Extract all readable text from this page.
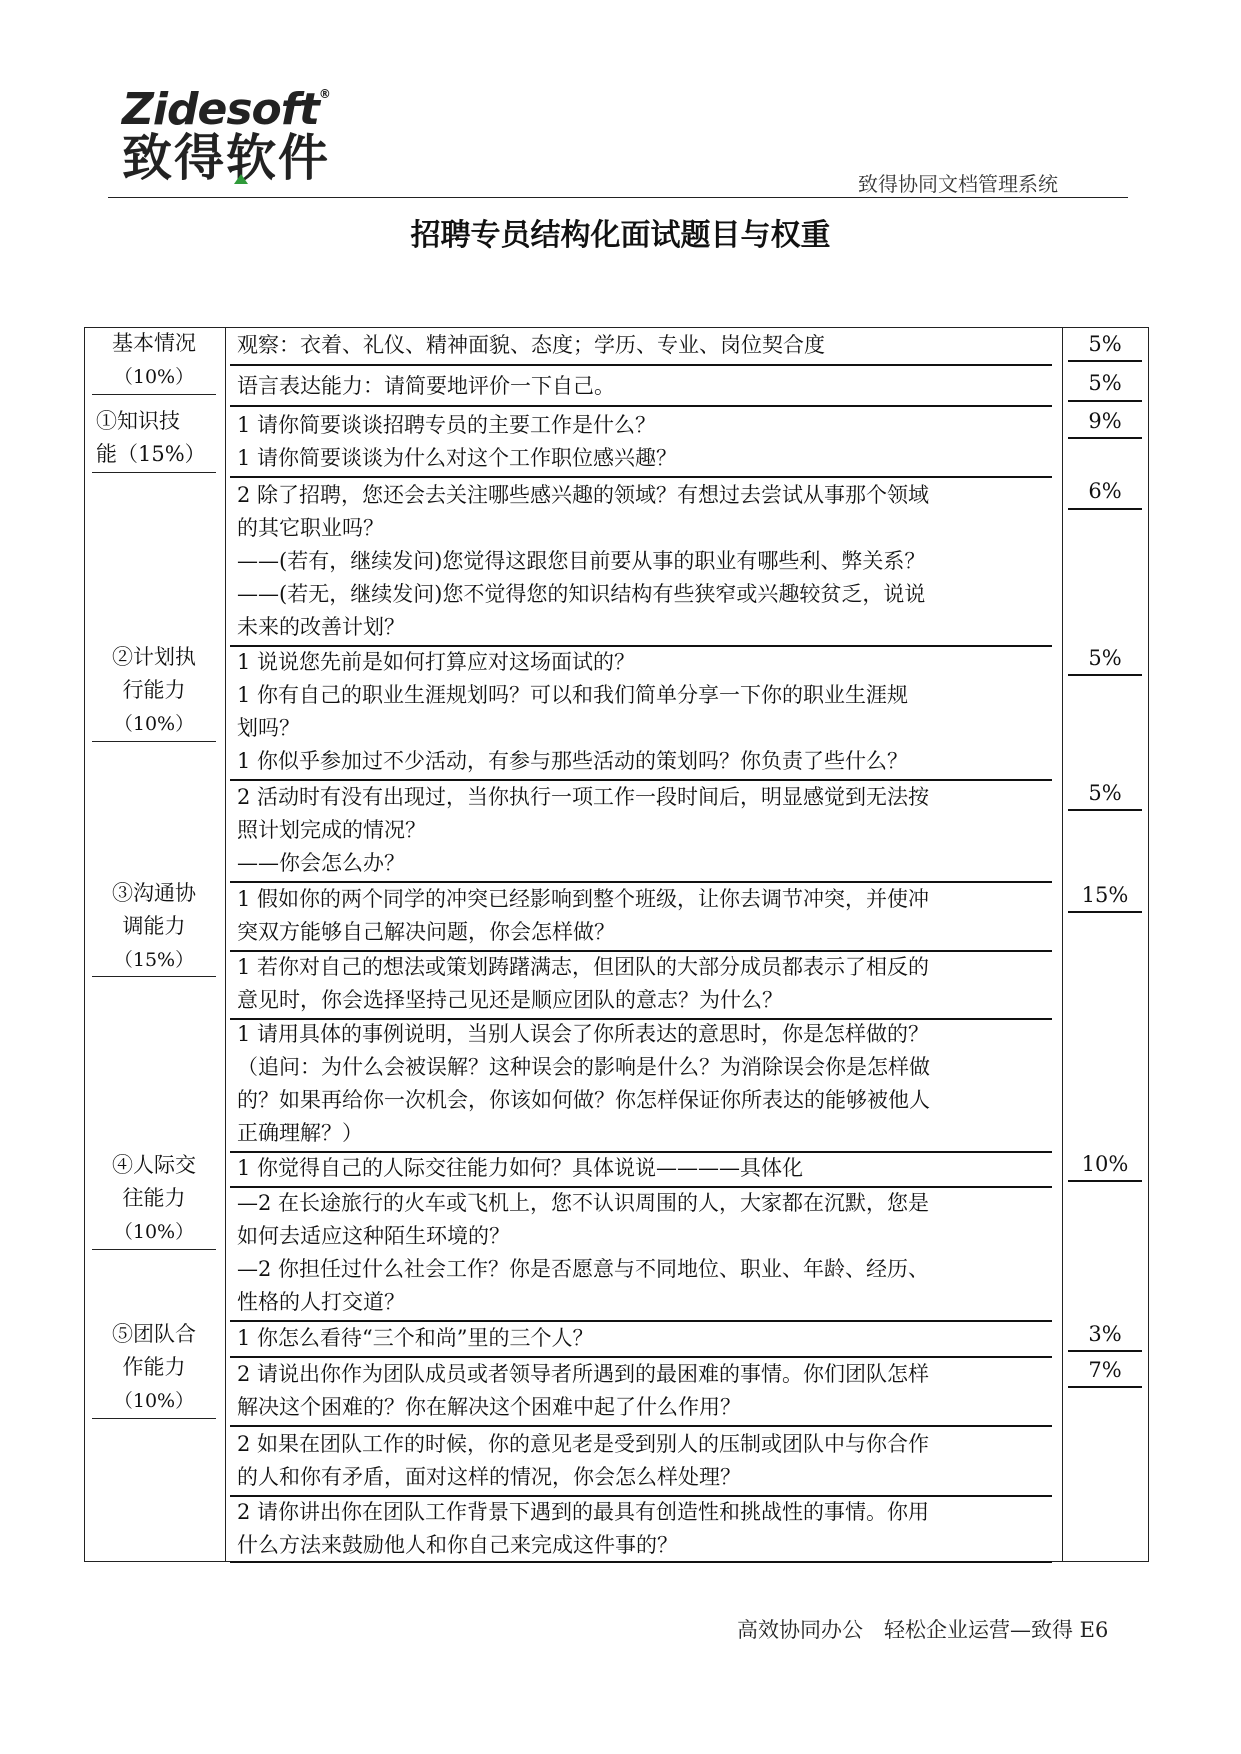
Zidesoft®
致得软件	致得协同文档管理系统
招聘专员结构化面试题目与权重
基本情况
（10%）
①知识技
能（15%）
②计划执
行能力
（10%）
③沟通协
调能力
（15%）
④人际交
往能力
（10%）
⑤团队合
作能力
（10%）
观察：衣着、礼仪、精神面貌、态度；学历、专业、岗位契合度
语言表达能力：请简要地评价一下自己。
1 请你简要谈谈招聘专员的主要工作是什么？
1 请你简要谈谈为什么对这个工作职位感兴趣？
2 除了招聘，您还会去关注哪些感兴趣的领域？有想过去尝试从事那个领域
的其它职业吗？
——(若有，继续发问)您觉得这跟您目前要从事的职业有哪些利、弊关系？
——(若无，继续发问)您不觉得您的知识结构有些狭窄或兴趣较贫乏，说说
未来的改善计划？
1 说说您先前是如何打算应对这场面试的？
1 你有自己的职业生涯规划吗？可以和我们简单分享一下你的职业生涯规
划吗？
1 你似乎参加过不少活动，有参与那些活动的策划吗？你负责了些什么？
2 活动时有没有出现过，当你执行一项工作一段时间后，明显感觉到无法按
照计划完成的情况？
——你会怎么办？
1 假如你的两个同学的冲突已经影响到整个班级，让你去调节冲突，并使冲
突双方能够自己解决问题，你会怎样做？
1 若你对自己的想法或策划踌躇满志，但团队的大部分成员都表示了相反的
意见时，你会选择坚持己见还是顺应团队的意志？为什么？
1 请用具体的事例说明，当别人误会了你所表达的意思时，你是怎样做的？
（追问：为什么会被误解？这种误会的影响是什么？为消除误会你是怎样做
的？如果再给你一次机会，你该如何做？你怎样保证你所表达的能够被他人
正确理解？）
1 你觉得自己的人际交往能力如何？具体说说————具体化
—2 在长途旅行的火车或飞机上，您不认识周围的人，大家都在沉默，您是
如何去适应这种陌生环境的？
—2 你担任过什么社会工作？你是否愿意与不同地位、职业、年龄、经历、
性格的人打交道？
1 你怎么看待“三个和尚”里的三个人？
2 请说出你作为团队成员或者领导者所遇到的最困难的事情。你们团队怎样
解决这个困难的？你在解决这个困难中起了什么作用？
2 如果在团队工作的时候，你的意见老是受到别人的压制或团队中与你合作
的人和你有矛盾，面对这样的情况，你会怎么样处理？
2 请你讲出你在团队工作背景下遇到的最具有创造性和挑战性的事情。你用
什么方法来鼓励他人和你自己来完成这件事的？
5%
5%
9%
6%
5%
5%
15%
10%
3%
7%
高效协同办公　轻松企业运营—致得 E6
